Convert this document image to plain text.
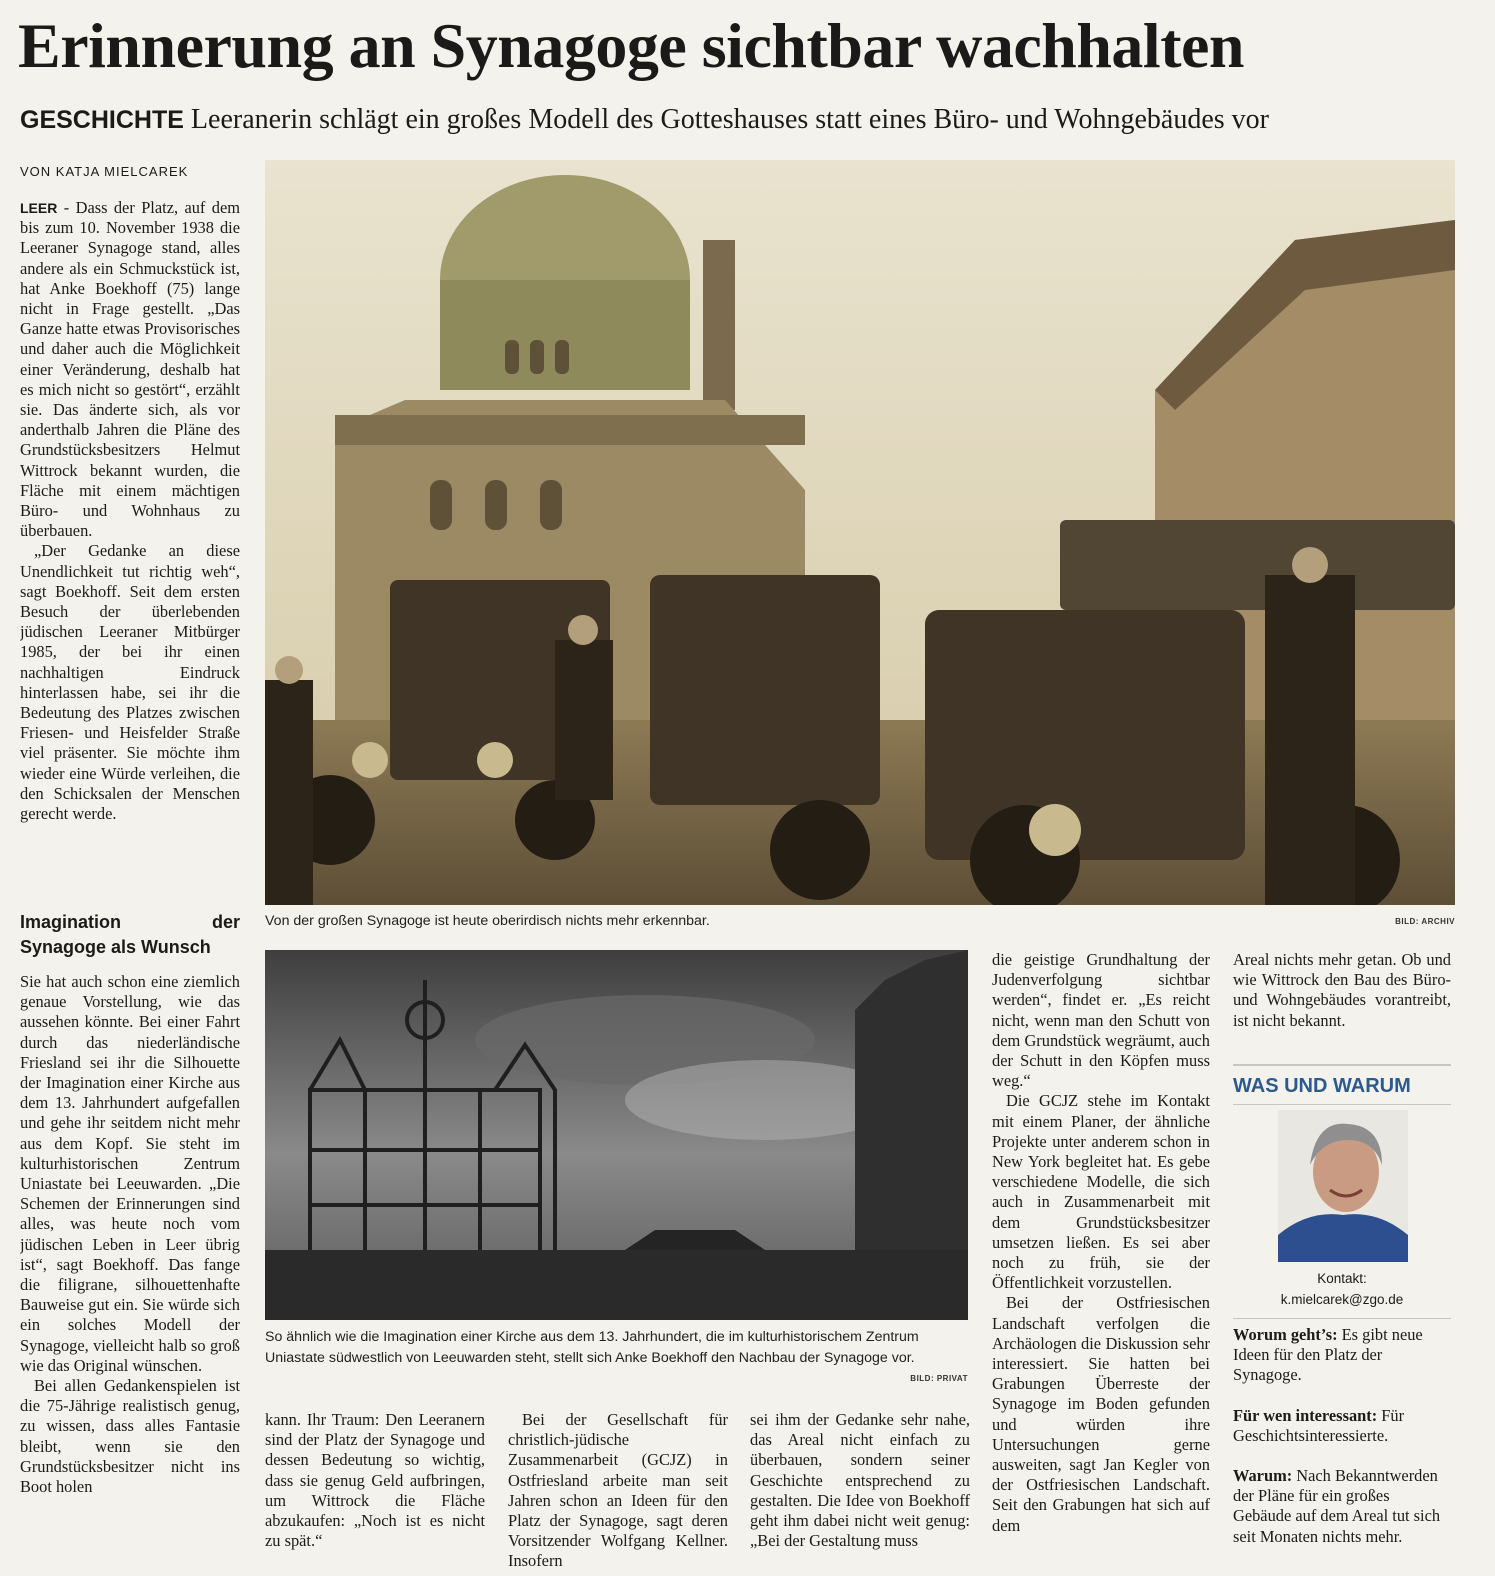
Erinnerung an Synagoge sichtbar wachhalten
GESCHICHTE Leeranerin schlägt ein großes Modell des Gotteshauses statt eines Büro- und Wohngebäudes vor
VON KATJA MIELCAREK

LEER - Dass der Platz, auf dem bis zum 10. November 1938 die Leeraner Synagoge stand, alles andere als ein Schmuckstück ist, hat Anke Boekhoff (75) lange nicht in Frage gestellt. „Das Ganze hatte etwas Provisorisches und daher auch die Möglichkeit einer Veränderung, deshalb hat es mich nicht so gestört“, erzählt sie. Das änderte sich, als vor anderthalb Jahren die Pläne des Grundstücksbesitzers Helmut Wittrock bekannt wurden, die Fläche mit einem mächtigen Büro- und Wohnhaus zu überbauen.

„Der Gedanke an diese Unendlichkeit tut richtig weh“, sagt Boekhoff. Seit dem ersten Besuch der überlebenden jüdischen Leeraner Mitbürger 1985, der bei ihr einen nachhaltigen Eindruck hinterlassen habe, sei ihr die Bedeutung des Platzes zwischen Friesen- und Heisfelder Straße viel präsenter. Sie möchte ihm wieder eine Würde verleihen, die den Schicksalen der Menschen gerecht werde.

Von der großen Synagoge ist heute oberirdisch nichts mehr erkennbar.	BILD: ARCHIV
Imagination der Synagoge als Wunsch

Sie hat auch schon eine ziemlich genaue Vorstellung, wie das aussehen könnte. Bei einer Fahrt durch das niederländische Friesland sei ihr die Silhouette der Imagination einer Kirche aus dem 13. Jahrhundert aufgefallen und gehe ihr seitdem nicht mehr aus dem Kopf. Sie steht im kulturhistorischen Zentrum Uniastate bei Leeuwarden. „Die Schemen der Erinnerungen sind alles, was heute noch vom jüdischen Leben in Leer übrig ist“, sagt Boekhoff. Das fange die filigrane, silhouettenhafte Bauweise gut ein. Sie würde sich ein solches Modell der Synagoge, vielleicht halb so groß wie das Original wünschen.

Bei allen Gedankenspielen ist die 75-Jährige realistisch genug, zu wissen, dass alles Fantasie bleibt, wenn sie den Grundstücksbesitzer nicht ins Boot holen

So ähnlich wie die Imagination einer Kirche aus dem 13. Jahrhundert, die im kulturhistorischem Zentrum Uniastate südwestlich von Leeuwarden steht, stellt sich Anke Boekhoff den Nachbau der Synagoge vor.
BILD: PRIVAT

die geistige Grundhaltung der Judenverfolgung sichtbar werden“, findet er. „Es reicht nicht, wenn man den Schutt von dem Grundstück wegräumt, auch der Schutt in den Köpfen muss weg.“

Die GCJZ stehe im Kontakt mit einem Planer, der ähnliche Projekte unter anderem schon in New York begleitet hat. Es gebe verschiedene Modelle, die sich auch in Zusammenarbeit mit dem Grundstücksbesitzer umsetzen ließen. Es sei aber noch zu früh, sie der Öffentlichkeit vorzustellen.

Bei der Ostfriesischen Landschaft verfolgen die Archäologen die Diskussion sehr interessiert. Sie hatten bei Grabungen Überreste der Synagoge im Boden gefunden und würden ihre Untersuchungen gerne ausweiten, sagt Jan Kegler von der Ostfriesischen Landschaft. Seit den Grabungen hat sich auf dem

kann. Ihr Traum: Den Leeranern sind der Platz der Synagoge und dessen Bedeutung so wichtig, dass sie genug Geld aufbringen, um Wittrock die Fläche abzukaufen: „Noch ist es nicht zu spät.“

Bei der Gesellschaft für christlich-jüdische Zusammenarbeit (GCJZ) in Ostfriesland arbeite man seit Jahren schon an Ideen für den Platz der Synagoge, sagt deren Vorsitzender Wolfgang Kellner. Insofern

sei ihm der Gedanke sehr nahe, das Areal nicht einfach zu überbauen, sondern seiner Geschichte entsprechend zu gestalten. Die Idee von Boekhoff geht ihm dabei nicht weit genug: „Bei der Gestaltung muss

Areal nichts mehr getan. Ob und wie Wittrock den Bau des Büro- und Wohngebäudes vorantreibt, ist nicht bekannt.

WAS UND WARUM
Kontakt:
k.mielcarek@zgo.de

Worum geht’s: Es gibt neue Ideen für den Platz der Synagoge.

Für wen interessant: Für Geschichtsinteressierte.

Warum: Nach Bekanntwerden der Pläne für ein großes Gebäude auf dem Areal tut sich seit Monaten nichts mehr.
